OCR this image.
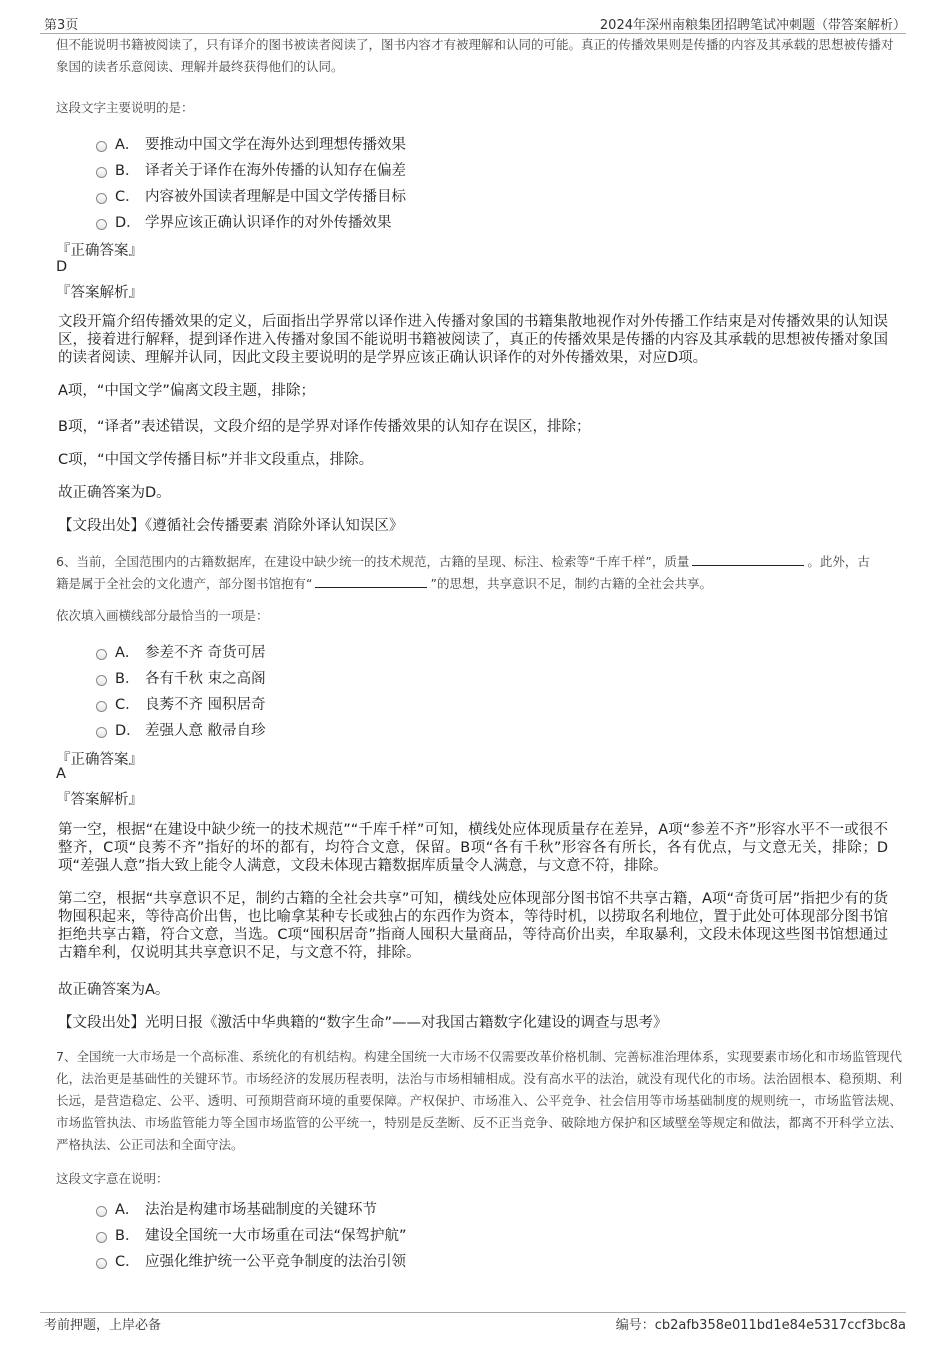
第3页	2024年深州南粮集团招聘笔试冲刺题（带答案解析）
但不能说明书籍被阅读了，只有译介的图书被读者阅读了，图书内容才有被理解和认同的可能。真正的传播效果则是传播的内容及其承载的思想被传播对象国的读者乐意阅读、理解并最终获得他们的认同。
这段文字主要说明的是：
A． 要推动中国文学在海外达到理想传播效果
B． 译者关于译作在海外传播的认知存在偏差
C． 内容被外国读者理解是中国文学传播目标
D． 学界应该正确认识译作的对外传播效果
『正确答案』
D
『答案解析』
文段开篇介绍传播效果的定义，后面指出学界常以译作进入传播对象国的书籍集散地视作对外传播工作结束是对传播效果的认知误区，接着进行解释，提到译作进入传播对象国不能说明书籍被阅读了，真正的传播效果是传播的内容及其承载的思想被传播对象国的读者阅读、理解并认同，因此文段主要说明的是学界应该正确认识译作的对外传播效果，对应D项。
A项，“中国文学”偏离文段主题，排除；
B项，“译者”表述错误，文段介绍的是学界对译作传播效果的认知存在误区，排除；
C项，“中国文学传播目标”并非文段重点，排除。
故正确答案为D。
【文段出处】《遵循社会传播要素 消除外译认知误区》
6、当前，全国范围内的古籍数据库，在建设中缺少统一的技术规范，古籍的呈现、标注、检索等“千库千样”，质量	。此外，古
籍是属于全社会的文化遗产，部分图书馆抱有“	”的思想，共享意识不足，制约古籍的全社会共享。
依次填入画横线部分最恰当的一项是：
A． 参差不齐 奇货可居
B． 各有千秋 束之高阁
C． 良莠不齐 囤积居奇
D． 差强人意 敝帚自珍
『正确答案』
A
『答案解析』
第一空，根据“在建设中缺少统一的技术规范”“千库千样”可知，横线处应体现质量存在差异，A项“参差不齐”形容水平不一或很不整齐，C项“良莠不齐”指好的坏的都有，均符合文意，保留。B项“各有千秋”形容各有所长，各有优点，与文意无关，排除；D项“差强人意”指大致上能令人满意，文段未体现古籍数据库质量令人满意，与文意不符，排除。
第二空，根据“共享意识不足，制约古籍的全社会共享”可知，横线处应体现部分图书馆不共享古籍，A项“奇货可居”指把少有的货物囤积起来，等待高价出售，也比喻拿某种专长或独占的东西作为资本，等待时机，以捞取名利地位，置于此处可体现部分图书馆拒绝共享古籍，符合文意，当选。C项“囤积居奇”指商人囤积大量商品，等待高价出卖，牟取暴利，文段未体现这些图书馆想通过古籍牟利，仅说明其共享意识不足，与文意不符，排除。
故正确答案为A。
【文段出处】光明日报《激活中华典籍的“数字生命”——对我国古籍数字化建设的调查与思考》
7、全国统一大市场是一个高标准、系统化的有机结构。构建全国统一大市场不仅需要改革价格机制、完善标准治理体系，实现要素市场化和市场监管现代化，法治更是基础性的关键环节。市场经济的发展历程表明，法治与市场相辅相成。没有高水平的法治，就没有现代化的市场。法治固根本、稳预期、利长远，是营造稳定、公平、透明、可预期营商环境的重要保障。产权保护、市场准入、公平竞争、社会信用等市场基础制度的规则统一，市场监管法规、市场监管执法、市场监管能力等全国市场监管的公平统一，特别是反垄断、反不正当竞争、破除地方保护和区域壁垒等规定和做法，都离不开科学立法、严格执法、公正司法和全面守法。
这段文字意在说明：
A． 法治是构建市场基础制度的关键环节
B． 建设全国统一大市场重在司法“保驾护航”
C． 应强化维护统一公平竞争制度的法治引领
考前押题，上岸必备	编号：cb2afb358e011bd1e84e5317ccf3bc8a
